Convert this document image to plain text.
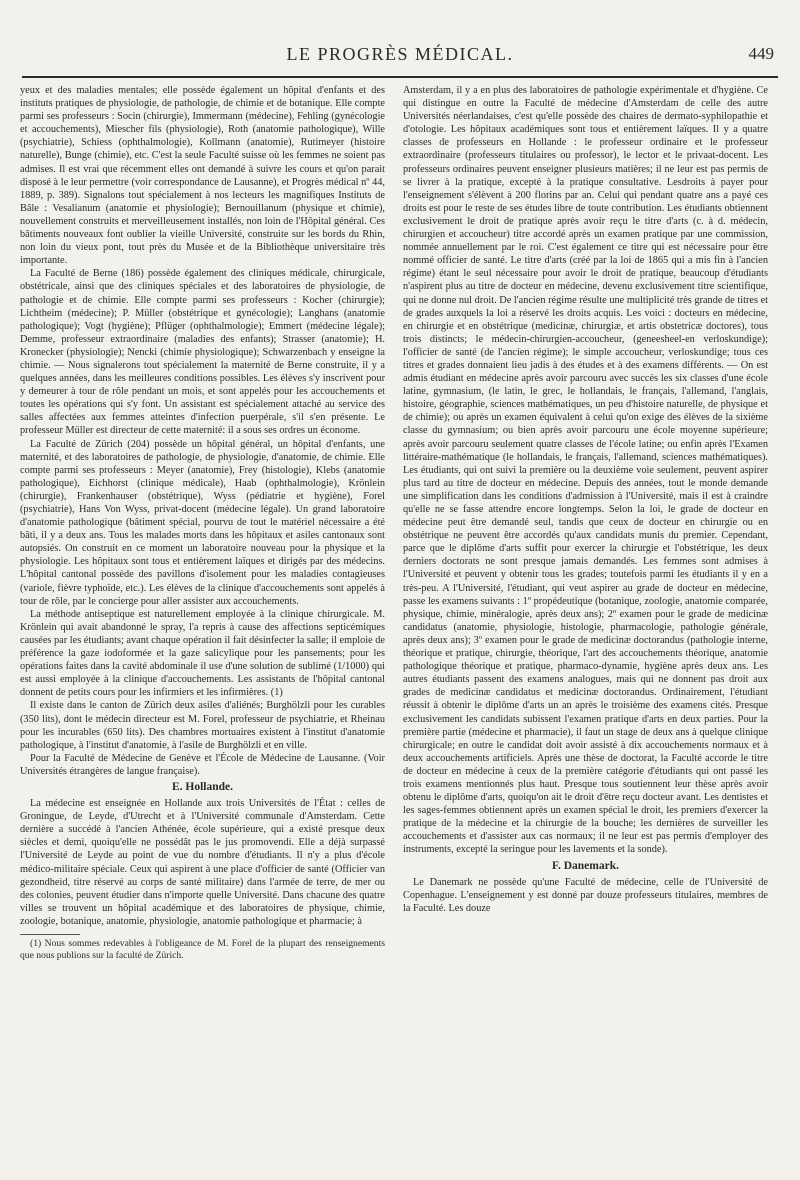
LE PROGRÈS MÉDICAL.	449

yeux et des maladies mentales; elle possède également un hôpital d'enfants et des instituts pratiques de physiologie, de pathologie, de chimie et de botanique. Elle compte parmi ses professeurs : Socin (chirurgie), Immermann (médecine), Fehling (gynécologie et accouchements), Miescher fils (physiologie), Roth (anatomie pathologique), Wille (psychiatrie), Schiess (ophthalmologie), Kollmann (anatomie), Rutimeyer (histoire naturelle), Bunge (chimie), etc. C'est la seule Faculté suisse où les femmes ne soient pas admises. Il est vrai que récemment elles ont demandé à suivre les cours et qu'on parait disposé à le leur permettre (voir correspondance de Lausanne), et Progrès médical nº 44, 1889, p. 389). Signalons tout spécialement à nos lecteurs les magnifiques Instituts de Bâle : Vesalianum (anatomie et physiologie); Bernouillanum (physique et chimie), nouvellement construits et merveilleusement installés, non loin de l'Hôpital général. Ces bâtiments nouveaux font oublier la vieille Université, construite sur les bords du Rhin, non loin du vieux pont, tout près du Musée et de la Bibliothèque universitaire très importante.

La Faculté de Berne (186) possède également des cliniques médicale, chirurgicale, obstétricale, ainsi que des cliniques spéciales et des laboratoires de physiologie, de pathologie et de chimie. Elle compte parmi ses professeurs : Kocher (chirurgie); Lichtheim (médecine); P. Müller (obstétrique et gynécologie); Langhans (anatomie pathologique); Vogt (hygiène); Pflüger (ophthalmologie); Emmert (médecine légale); Demme, professeur extraordinaire (maladies des enfants); Strasser (anatomie); H. Kronecker (physiologie); Nencki (chimie physiologique); Schwarzenbach y enseigne la chimie. — Nous signalerons tout spécialement la maternité de Berne construite, il y a quelques années, dans les meilleures conditions possibles. Les élèves s'y inscrivent pour y demeurer à tour de rôle pendant un mois, et sont appelés pour les accouchements et toutes les opérations qui s'y font. Un assistant est spécialement attaché au service des salles affectées aux femmes atteintes d'infection puerpérale, s'il s'en présente. Le professeur Müller est directeur de cette maternité: il a sous ses ordres un économe.

La Faculté de Zürich (204) possède un hôpital général, un hôpital d'enfants, une maternité, et des laboratoires de pathologie, de physiologie, d'anatomie, de chimie. Elle compte parmi ses professeurs : Meyer (anatomie), Frey (histologie), Klebs (anatomie pathologique), Eichhorst (clinique médicale), Haab (ophthalmologie), Krönlein (chirurgie), Frankenhauser (obstétrique), Wyss (pédiatrie et hygiène), Forel (psychiatrie), Hans Von Wyss, privat-docent (médecine légale). Un grand laboratoire d'anatomie pathologique (bâtiment spécial, pourvu de tout le matériel nécessaire a été bâti, il y a deux ans. Tous les malades morts dans les hôpitaux et asiles cantonaux sont autopsiés. On construit en ce moment un laboratoire nouveau pour la physique et la physiologie. Les hôpitaux sont tous et entièrement laïques et dirigés par des médecins. L'hôpital cantonal possède des pavillons d'isolement pour les maladies contagieuses (variole, fièvre typhoïde, etc.). Les élèves de la clinique d'accouchements sont appelés à tour de rôle, par le concierge pour aller assister aux accouchements.

La méthode antiseptique est naturellement employée à la clinique chirurgicale. M. Krönlein qui avait abandonné le spray, l'a repris à cause des affections septicémiques causées par les étudiants; avant chaque opération il fait désinfecter la salle; il emploie de préférence la gaze iodoformée et la gaze salicylique pour les pansements; pour les opérations faites dans la cavité abdominale il use d'une solution de sublimé (1/1000) qui est aussi employée à la clinique d'accouchements. Les assistants de l'hôpital cantonal donnent de petits cours pour les infirmiers et les infirmières. (1)

Il existe dans le canton de Zürich deux asiles d'aliénés; Burghölzli pour les curables (350 lits), dont le médecin directeur est M. Forel, professeur de psychiatrie, et Rheinau pour les incurables (650 lits). Des chambres mortuaires existent à l'institut d'anatomie pathologique, à l'institut d'anatomie, à l'asile de Burghölzli et en ville.

Pour la Faculté de Médecine de Genève et l'École de Médecine de Lausanne. (Voir Universités étrangères de langue française).

E. Hollande.

La médecine est enseignée en Hollande aux trois Universités de l'État : celles de Groningue, de Leyde, d'Utrecht et à l'Université communale d'Amsterdam. Cette dernière a succédé à l'ancien Athénée, école supérieure, qui a existé presque deux siècles et demi, quoiqu'elle ne possédât pas le jus promovendi. Elle a déjà surpassé l'Université de Leyde au point de vue du nombre d'étudiants. Il n'y a plus d'école médico-militaire spéciale. Ceux qui aspirent à une place d'officier de santé (Officier van gezondheid, titre réservé au corps de santé militaire) dans l'armée de terre, de mer ou des colonies, peuvent étudier dans n'importe quelle Université. Dans chacune des quatre villes se trouvent un hôpital académique et des laboratoires de physique, chimie, zoologie, botanique, anatomie, physiologie, anatomie pathologique et pharmacie; à

(1) Nous sommes redevables à l'obligeance de M. Forel de la plupart des renseignements que nous publions sur la faculté de Zürich.

Amsterdam, il y a en plus des laboratoires de pathologie expérimentale et d'hygiène. Ce qui distingue en outre la Faculté de médecine d'Amsterdam de celle des autre Universités néerlandaises, c'est qu'elle possède des chaires de dermato-syphilopathie et d'otologie. Les hôpitaux académiques sont tous et entièrement laïques. Il y a quatre classes de professeurs en Hollande : le professeur ordinaire et le professeur extraordinaire (professeurs titulaires ou professor), le lector et le privaat-docent. Les professeurs ordinaires peuvent enseigner plusieurs matières; il ne leur est pas permis de se livrer à la pratique, excepté à la pratique consultative. Lesdroits à payer pour l'enseignement s'élèvent à 200 florins par an. Celui qui pendant quatre ans a payé ces droits est pour le reste de ses études libre de toute contribution. Les étudiants obtiennent exclusivement le droit de pratique après avoir reçu le titre d'arts (c. à d. médecin, chirurgien et accoucheur) titre accordé après un examen pratique par une commission, nommée annuellement par le roi. C'est également ce titre qui est nécessaire pour être nommé officier de santé. Le titre d'arts (créé par la loi de 1865 qui a mis fin à l'ancien régime) étant le seul nécessaire pour avoir le droit de pratique, beaucoup d'étudiants n'aspirent plus au titre de docteur en médecine, devenu exclusivement titre scientifique, qui ne donne nul droit. De l'ancien régime résulte une multiplicité très grande de titres et de grades auxquels la loi a réservé les droits acquis. Les voici : docteurs en médecine, en chirurgie et en obstétrique (medicinæ, chirurgiæ, et artis obstetricæ doctores), tous trois distincts; le médecin-chirurgien-accoucheur, (geneesheel-en verloskundige); l'officier de santé (de l'ancien régime); le simple accoucheur, verloskundige; tous ces titres et grades donnaient lieu jadis à des études et à des examens différents. — On est admis étudiant en médecine après avoir parcouru avec succès les six classes d'une école latine, gymnasium, (le latin, le grec, le hollandais, le français, l'allemand, l'anglais, histoire, géographie, sciences mathématiques, un peu d'histoire naturelle, de physique et de chimie); ou après un examen équivalent à celui qu'on exige des élèves de la sixième classe du gymnasium; ou bien après avoir parcouru une école moyenne supérieure; après avoir parcouru seulement quatre classes de l'école latine; ou enfin après l'Examen littéraire-mathématique (le hollandais, le français, l'allemand, sciences mathématiques). Les étudiants, qui ont suivi la première ou la deuxième voie seulement, peuvent aspirer plus tard au titre de docteur en médecine. Depuis des années, tout le monde demande une simplification dans les conditions d'admission à l'Université, mais il est à craindre qu'elle ne se fasse attendre encore longtemps. Selon la loi, le grade de docteur en médecine peut être demandé seul, tandis que ceux de docteur en chirurgie ou en obstétrique ne peuvent être accordés qu'aux candidats munis du premier. Cependant, parce que le diplôme d'arts suffit pour exercer la chirurgie et l'obstétrique, les deux derniers doctorats ne sont presque jamais demandés. Les femmes sont admises à l'Université et peuvent y obtenir tous les grades; toutefois parmi les étudiants il y en a très-peu. A l'Université, l'étudiant, qui veut aspirer au grade de docteur en médecine, passe les examens suivants : 1º propédeutique (botanique, zoologie, anatomie comparée, physique, chimie, minéralogie, après deux ans); 2º examen pour le grade de medicinæ candidatus (anatomie, physiologie, histologie, pharmacologie, pathologie générale, après deux ans); 3º examen pour le grade de medicinæ doctorandus (pathologie interne, théorique et pratique, chirurgie, théorique, l'art des accouchements théorique, anatomie pathologique théorique et pratique, pharmaco-dynamie, hygiène après deux ans. Les autres étudiants passent des examens analogues, mais qui ne donnent pas droit aux grades de medicinæ candidatus et medicinæ doctorandus. Ordinairement, l'étudiant réussit à obtenir le diplôme d'arts un an après le troisième des examens cités. Presque exclusivement les candidats subissent l'examen pratique d'arts en deux parties. Pour la première partie (médecine et pharmacie), il faut un stage de deux ans à quelque clinique chirurgicale; en outre le candidat doit avoir assisté à dix accouchements normaux et à deux accouchements artificiels. Après une thèse de doctorat, la Faculté accorde le titre de docteur en médecine à ceux de la première catégorie d'étudiants qui ont passé les trois examens mentionnés plus haut. Presque tous soutiennent leur thèse après avoir obtenu le diplôme d'arts, quoiqu'on ait le droit d'être reçu docteur avant. Les dentistes et les sages-femmes obtiennent après un examen spécial le droit, les premiers d'exercer la pratique de la médecine et la chirurgie de la bouche; les dernières de surveiller les accouchements et d'assister aux cas normaux; il ne leur est pas permis d'employer des instruments, excepté la seringue pour les lavements et la sonde).

F. Danemark.

Le Danemark ne possède qu'une Faculté de médecine, celle de l'Université de Copenhague. L'enseignement y est donné par douze professeurs titulaires, membres de la Faculté. Les douze
